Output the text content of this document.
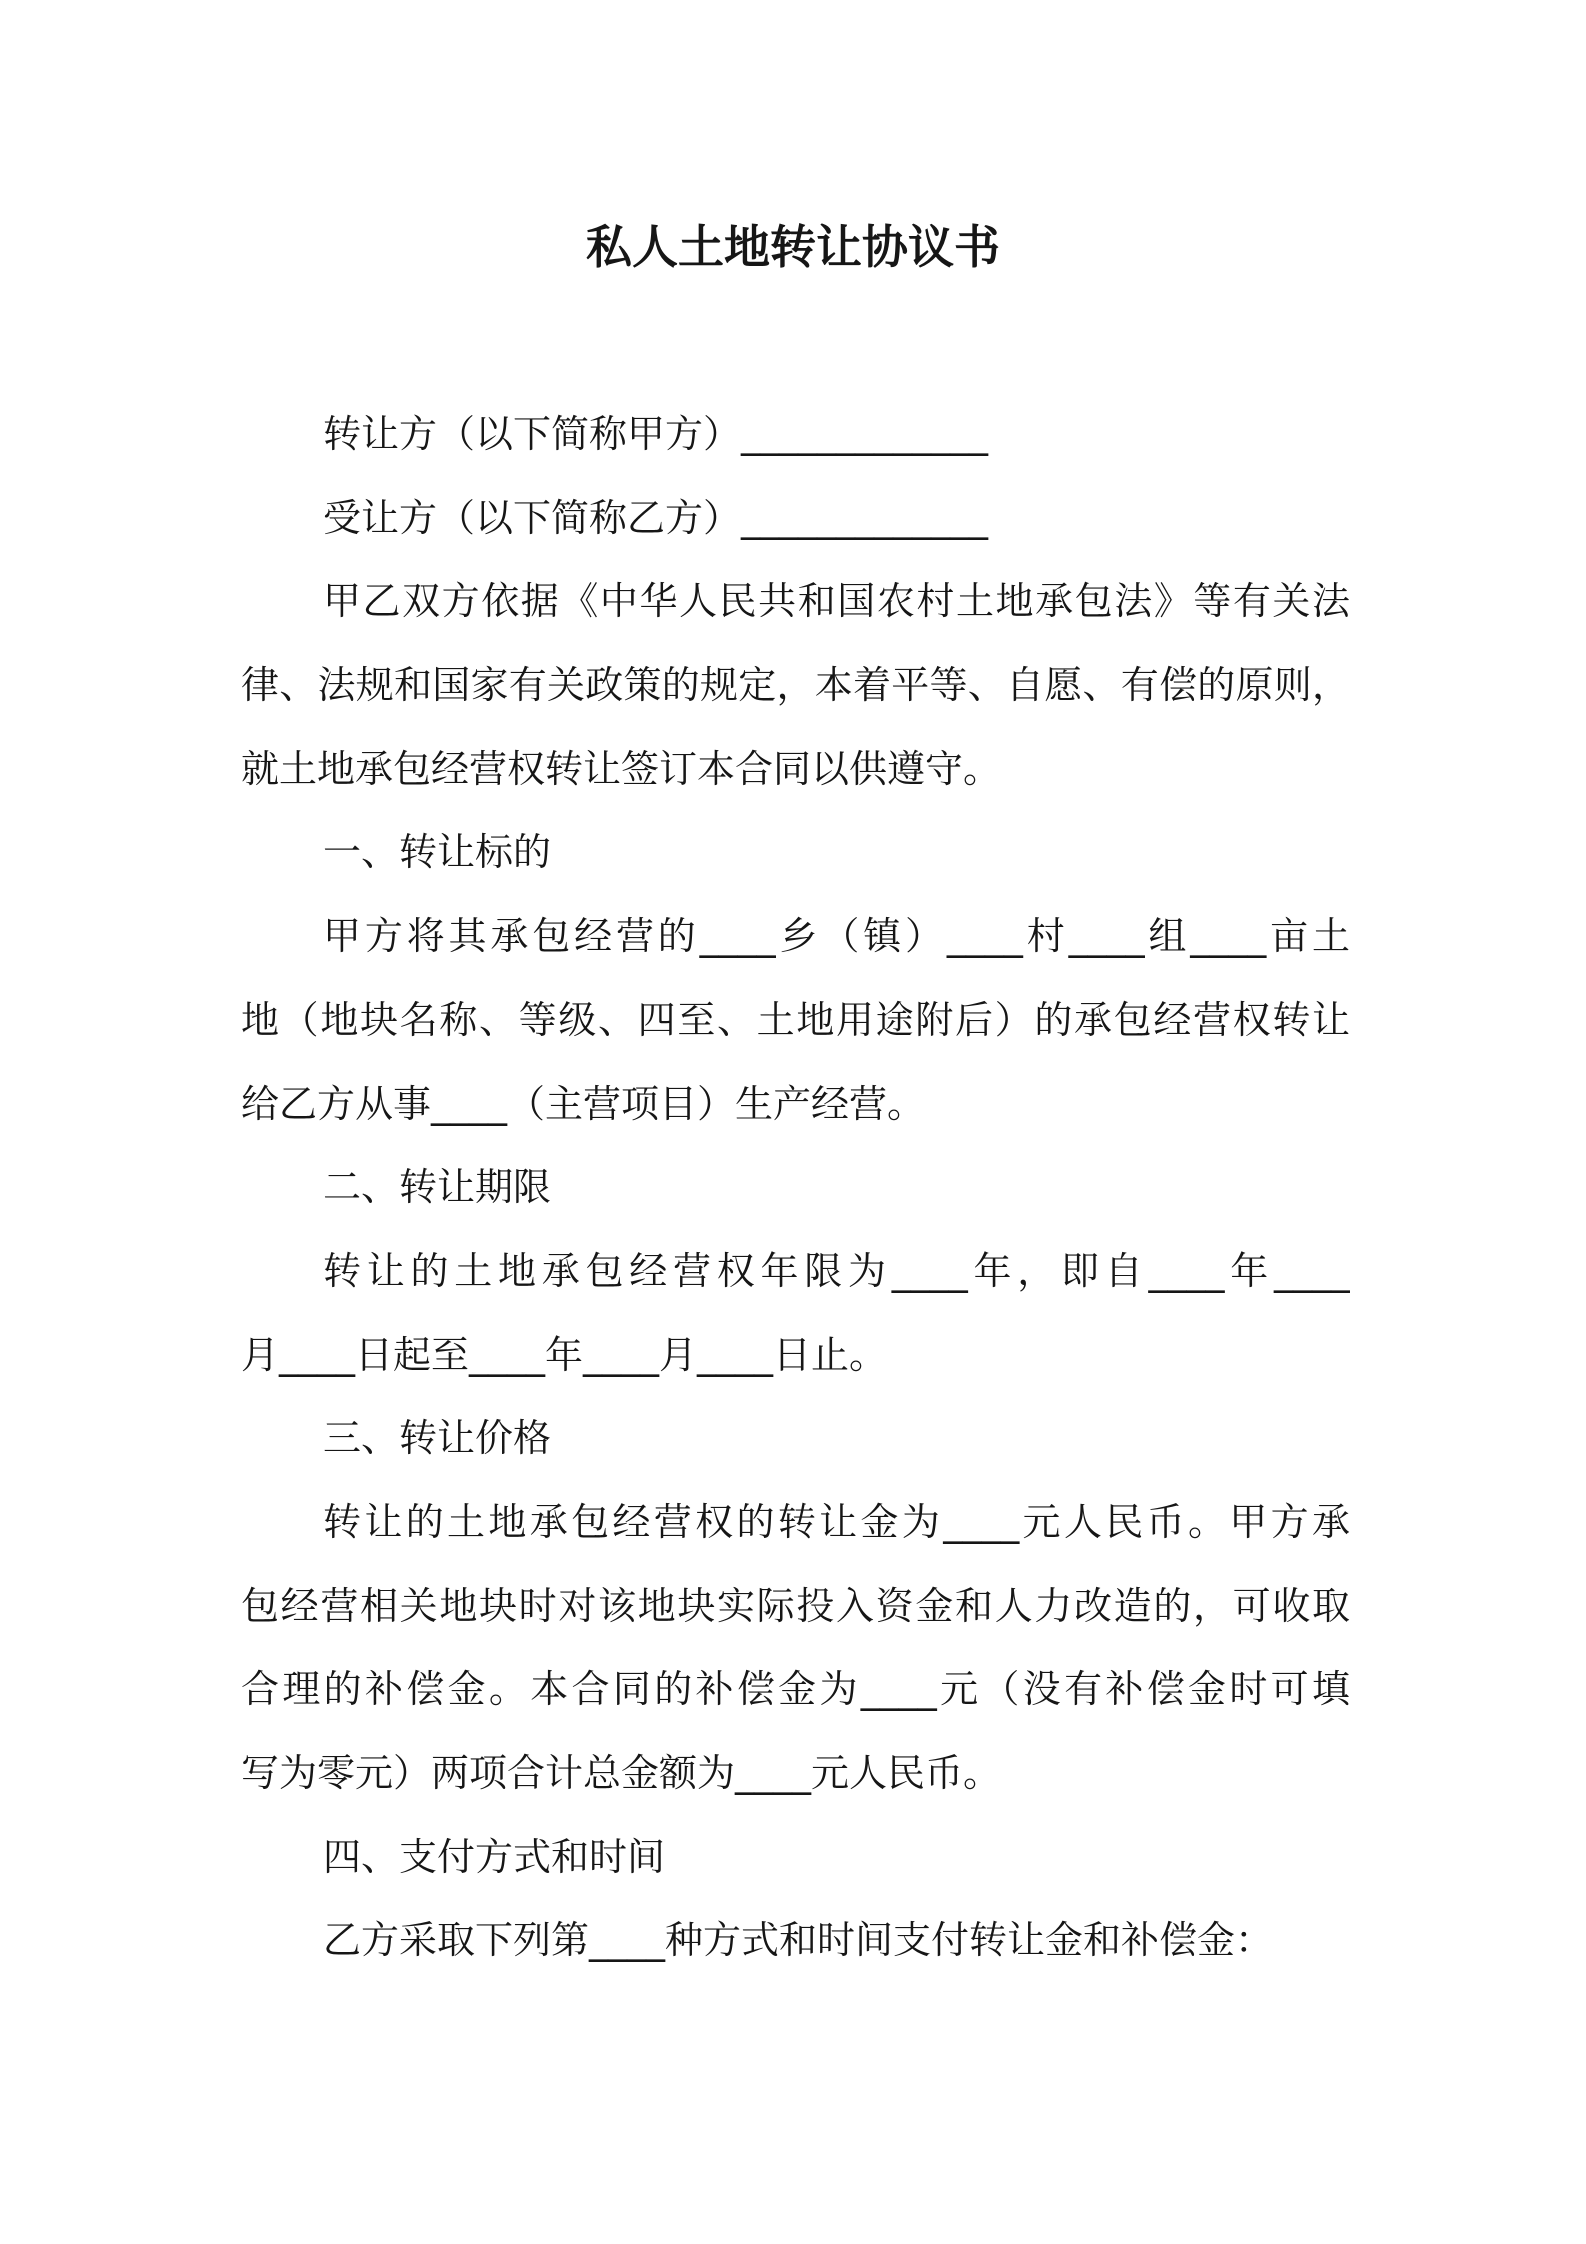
私人土地转让协议书
转让方（以下简称甲方）_____________
受让方（以下简称乙方）_____________
甲乙双方依据《中华人民共和国农村土地承包法》等有关法
律、法规和国家有关政策的规定，本着平等、自愿、有偿的原则，
就土地承包经营权转让签订本合同以供遵守。
一、转让标的
甲方将其承包经营的____乡（镇）____村____组____亩土
地（地块名称、等级、四至、土地用途附后）的承包经营权转让
给乙方从事____（主营项目）生产经营。
二、转让期限
转让的土地承包经营权年限为____年，即自____年____
月____日起至____年____月____日止。
三、转让价格
转让的土地承包经营权的转让金为____元人民币。甲方承
包经营相关地块时对该地块实际投入资金和人力改造的，可收取
合理的补偿金。本合同的补偿金为____元（没有补偿金时可填
写为零元）两项合计总金额为____元人民币。
四、支付方式和时间
乙方采取下列第____种方式和时间支付转让金和补偿金：
